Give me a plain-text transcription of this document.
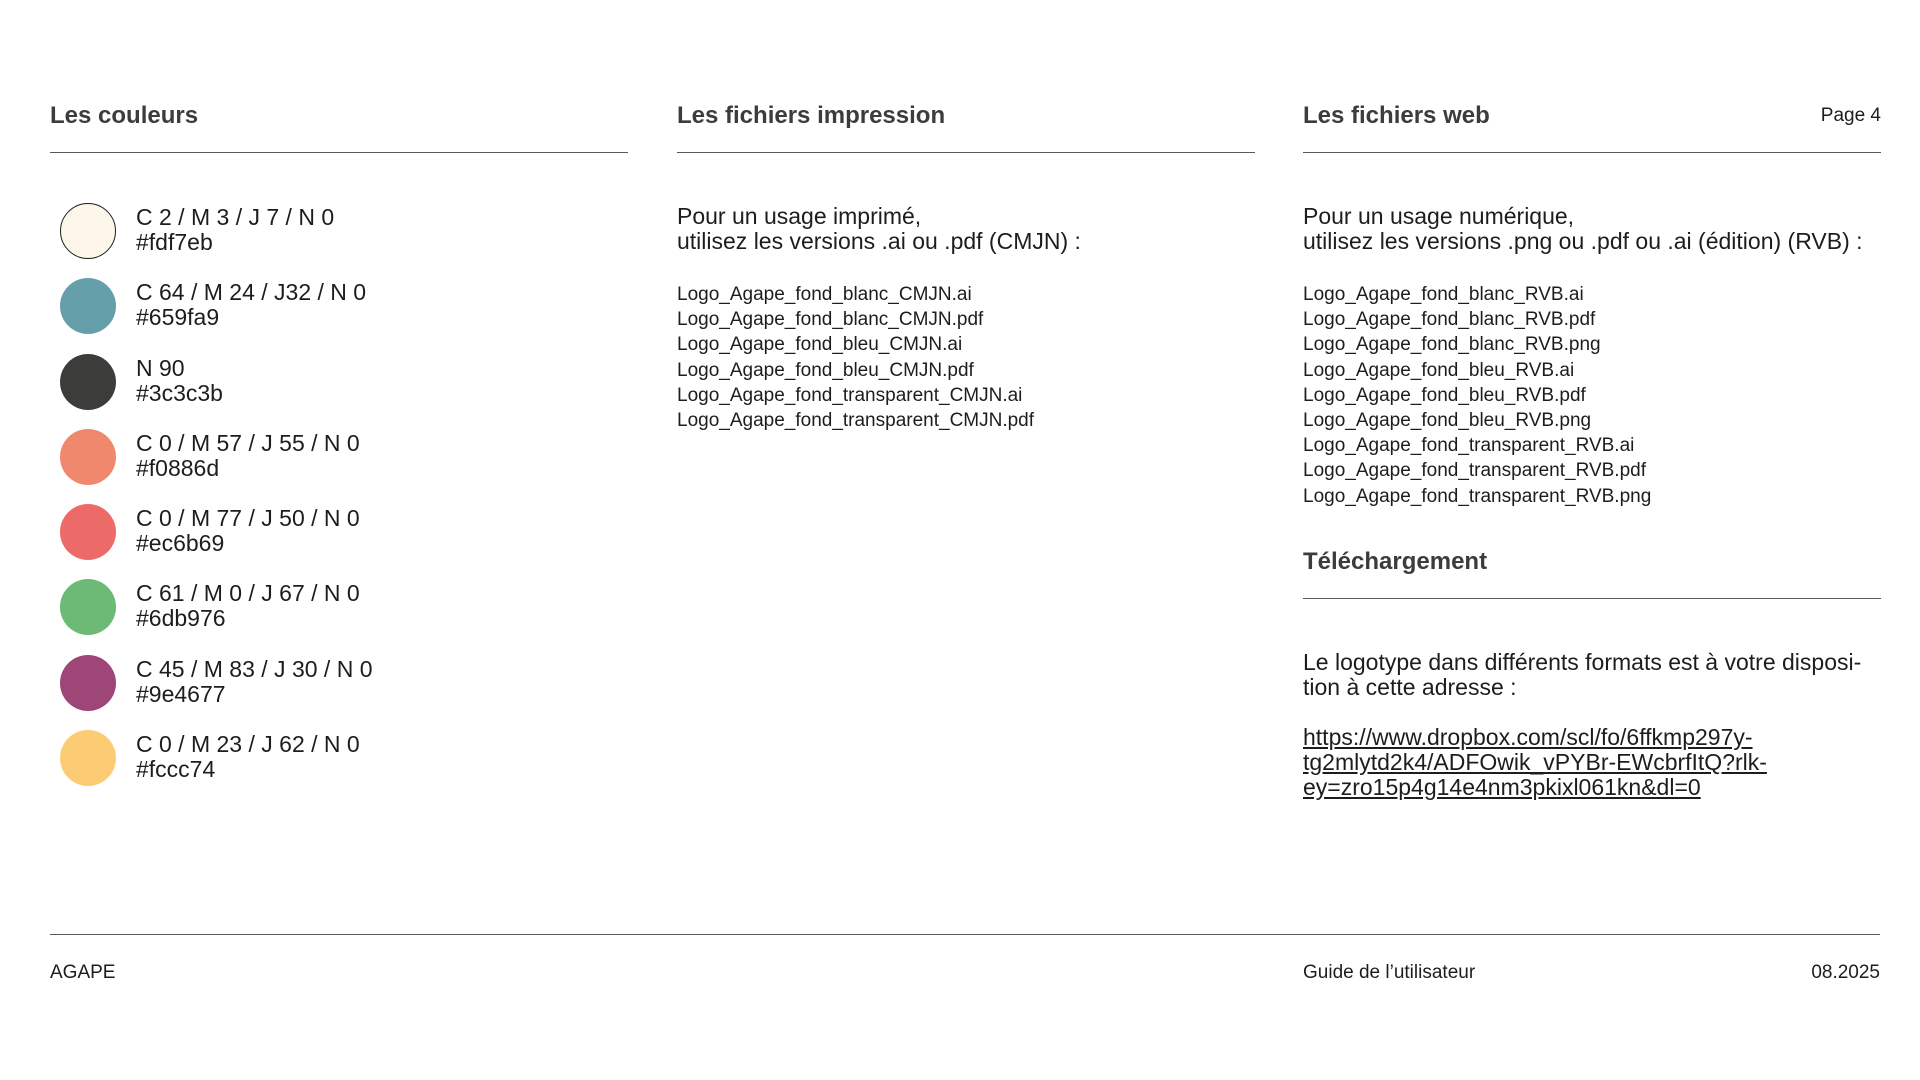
Les couleurs
C 2 / M 3 / J 7 / N 0
#fdf7eb
C 64 / M 24 / J32 / N 0
#659fa9
N 90
#3c3c3b
C 0 / M 57 / J 55 / N 0
#f0886d
C 0 / M 77 / J 50 / N 0
#ec6b69
C 61 / M 0 / J 67 / N 0
#6db976
C 45 / M 83 / J 30 / N 0
#9e4677
C 0 / M 23 / J 62 / N 0
#fccc74
Les fichiers impression
Pour un usage imprimé,
utilisez les versions .ai ou .pdf (CMJN) :
Logo_Agape_fond_blanc_CMJN.ai
Logo_Agape_fond_blanc_CMJN.pdf
Logo_Agape_fond_bleu_CMJN.ai
Logo_Agape_fond_bleu_CMJN.pdf
Logo_Agape_fond_transparent_CMJN.ai
Logo_Agape_fond_transparent_CMJN.pdf
Les fichiers web	Page 4
Pour un usage numérique,
utilisez les versions .png ou .pdf ou .ai (édition) (RVB) :
Logo_Agape_fond_blanc_RVB.ai
Logo_Agape_fond_blanc_RVB.pdf
Logo_Agape_fond_blanc_RVB.png
Logo_Agape_fond_bleu_RVB.ai
Logo_Agape_fond_bleu_RVB.pdf
Logo_Agape_fond_bleu_RVB.png
Logo_Agape_fond_transparent_RVB.ai
Logo_Agape_fond_transparent_RVB.pdf
Logo_Agape_fond_transparent_RVB.png
Téléchargement
Le logotype dans différents formats est à votre disposi-
tion à cette adresse :
https://www.dropbox.com/scl/fo/6ffkmp297y-
tg2mlytd2k4/ADFOwik_vPYBr-EWcbrfItQ?rlk-
ey=zro15p4g14e4nm3pkixl061kn&dl=0
AGAPE	Guide de l’utilisateur	08.2025
